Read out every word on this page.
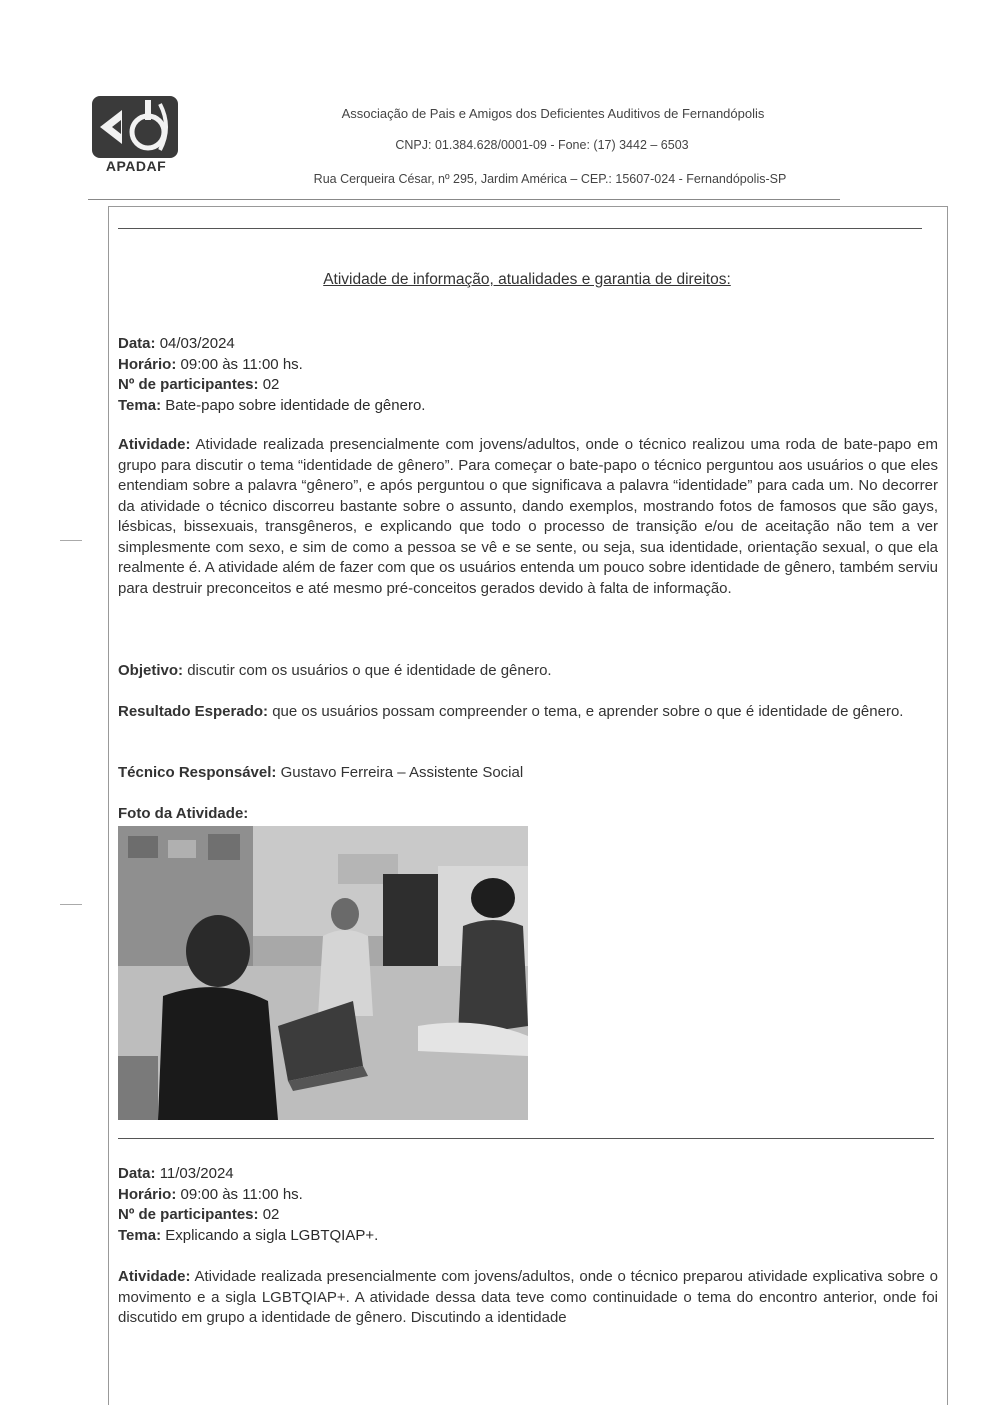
APADAF
Associação de Pais e Amigos dos Deficientes Auditivos de Fernandópolis
CNPJ: 01.384.628/0001-09 - Fone: (17) 3442 – 6503
Rua Cerqueira César, nº 295, Jardim América – CEP.: 15607-024 - Fernandópolis-SP
Atividade de informação, atualidades e garantia de direitos:
Data: 04/03/2024
Horário: 09:00 às 11:00 hs.
Nº de participantes: 02
Tema: Bate-papo sobre identidade de gênero.
Atividade: Atividade realizada presencialmente com jovens/adultos, onde o técnico realizou uma roda de bate-papo em grupo para discutir o tema “identidade de gênero”. Para começar o bate-papo o técnico perguntou aos usuários o que eles entendiam sobre a palavra “gênero”, e após perguntou o que significava a palavra “identidade” para cada um. No decorrer da atividade o técnico discorreu bastante sobre o assunto, dando exemplos, mostrando fotos de famosos que são gays, lésbicas, bissexuais, transgêneros, e explicando que todo o processo de transição e/ou de aceitação não tem a ver simplesmente com sexo, e sim de como a pessoa se vê e se sente, ou seja, sua identidade, orientação sexual, o que ela realmente é. A atividade além de fazer com que os usuários entenda um pouco sobre identidade de gênero, também serviu para destruir preconceitos e até mesmo pré-conceitos gerados devido à falta de informação.
Objetivo: discutir com os usuários o que é identidade de gênero.
Resultado Esperado: que os usuários possam compreender o tema, e aprender sobre o que é identidade de gênero.
Técnico Responsável: Gustavo Ferreira – Assistente Social
Foto da Atividade:
Data: 11/03/2024
Horário: 09:00 às 11:00 hs.
Nº de participantes: 02
Tema: Explicando a sigla LGBTQIAP+.
Atividade: Atividade realizada presencialmente com jovens/adultos, onde o técnico preparou atividade explicativa sobre o movimento e a sigla LGBTQIAP+. A atividade dessa data teve como continuidade o tema do encontro anterior, onde foi discutido em grupo a identidade de gênero. Discutindo a identidade
